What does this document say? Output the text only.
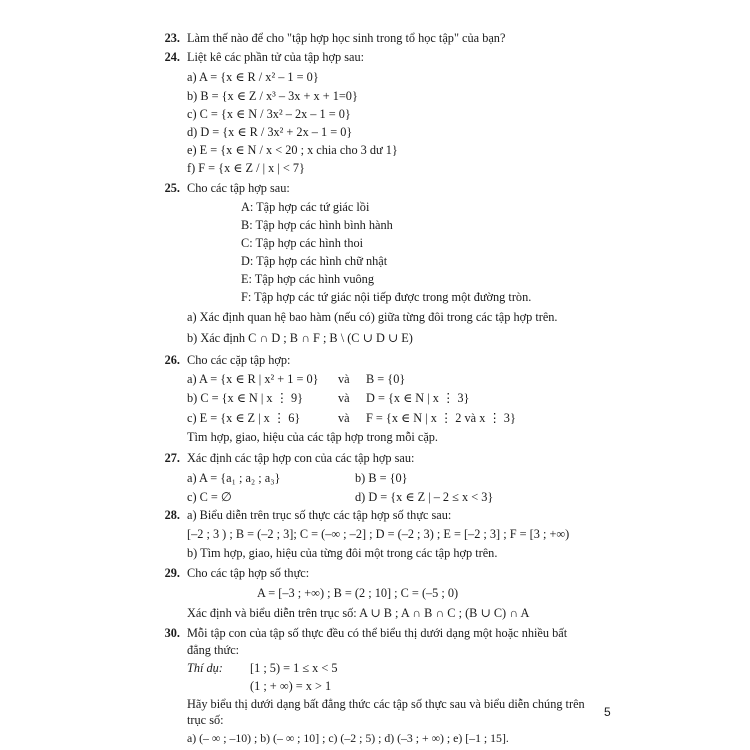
23. Làm thế nào để cho "tập hợp học sinh trong tổ học tập" của bạn?
24. Liệt kê các phần tử của tập hợp sau:
a) A = {x ∈ R / x² – 1 = 0}
b) B = {x ∈ Z / x³ – 3x + x + 1=0}
c) C = {x ∈ N / 3x² – 2x – 1 = 0}
d) D = {x ∈ R / 3x² + 2x – 1 = 0}
e) E = {x ∈ N / x < 20 ; x chia cho 3 dư 1}
f) F = {x ∈ Z / | x | < 7}
25. Cho các tập hợp sau:
A: Tập hợp các tứ giác lồi
B: Tập hợp các hình bình hành
C: Tập hợp các hình thoi
D: Tập hợp các hình chữ nhật
E: Tập hợp các hình vuông
F: Tập hợp các tứ giác nội tiếp được trong một đường tròn.
a) Xác định quan hệ bao hàm (nếu có) giữa từng đôi trong các tập hợp trên.
b) Xác định C ∩ D ; B ∩ F ; B \ (C ∪ D ∪ E)
26. Cho các cặp tập hợp:
a) A = {x ∈ R | x² + 1 = 0} và B = {0}
b) C = {x ∈ N | x ⋮ 9}	và D = {x ∈ N | x ⋮ 3}
c) E = {x ∈ Z | x ⋮ 6}	và F = {x ∈ N | x ⋮ 2 và x ⋮ 3}
Tìm hợp, giao, hiệu của các tập hợp trong mỗi cặp.
27. Xác định các tập hợp con của các tập hợp sau:
a) A = {a₁ ; a₂ ; a₃}	b) B = {0}
c) C = ∅	d) D = {x ∈ Z | – 2 ≤ x < 3}
28. a) Biểu diễn trên trục số thực các tập hợp số thực sau:
[–2 ; 3 ) ; B = (–2 ; 3]; C = (–∞ ; –2] ; D = (–2 ; 3) ; E = [–2 ; 3] ; F = [3 ; +∞)
b) Tìm hợp, giao, hiệu của từng đôi một trong các tập hợp trên.
29. Cho các tập hợp số thực:
A = [–3 ; +∞) ; B = (2 ; 10] ; C = (–5 ; 0)
Xác định và biểu diễn trên trục số: A ∪ B ; A ∩ B ∩ C ; (B ∪ C) ∩ A
30. Mỗi tập con của tập số thực đều có thể biểu thị dưới dạng một hoặc nhiều bất
đẳng thức:
Thí dụ: [1 ; 5) = 1 ≤ x < 5
(1 ; + ∞) = x > 1
Hãy biểu thị dưới dạng bất đẳng thức các tập số thực sau và biểu diễn chúng trên
trục số:
a) (– ∞ ; –10) ; b) (– ∞ ; 10] ; c) (–2 ; 5) ; d) (–3 ; + ∞) ; e) [–1 ; 15].
5
